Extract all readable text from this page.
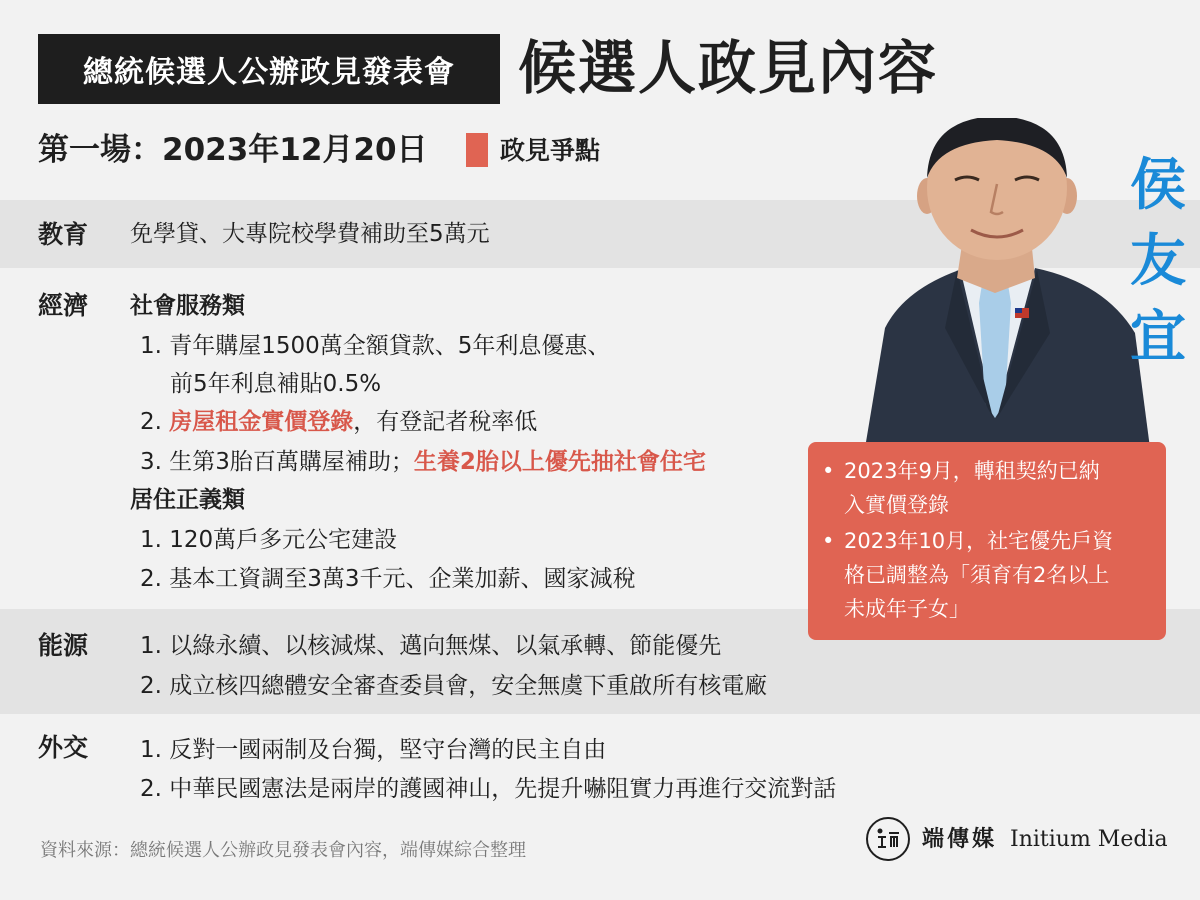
總統候選人公辦政見發表會 候選人政見內容
第一場：2023年12月20日	政見爭點
教育 免學貸、大專院校學費補助至5萬元
經濟 社會服務類
1. 青年購屋1500萬全額貸款、5年利息優惠、
前5年利息補貼0.5%
2. 房屋租金實價登錄，有登記者稅率低
3. 生第3胎百萬購屋補助；生養2胎以上優先抽社會住宅
居住正義類
1. 120萬戶多元公宅建設
2. 基本工資調至3萬3千元、企業加薪、國家減稅
能源 1. 以綠永續、以核減煤、邁向無煤、以氣承轉、節能優先
2. 成立核四總體安全審查委員會，安全無虞下重啟所有核電廠
外交 1. 反對一國兩制及台獨，堅守台灣的民主自由
2. 中華民國憲法是兩岸的護國神山，先提升嚇阻實力再進行交流對話
侯
友
宜
• 2023年9月，轉租契約已納
入實價登錄
• 2023年10月，社宅優先戶資
格已調整為「須育有2名以上
未成年子女」
資料來源：總統候選人公辦政見發表會內容，端傳媒綜合整理	端傳媒 Initium Media
